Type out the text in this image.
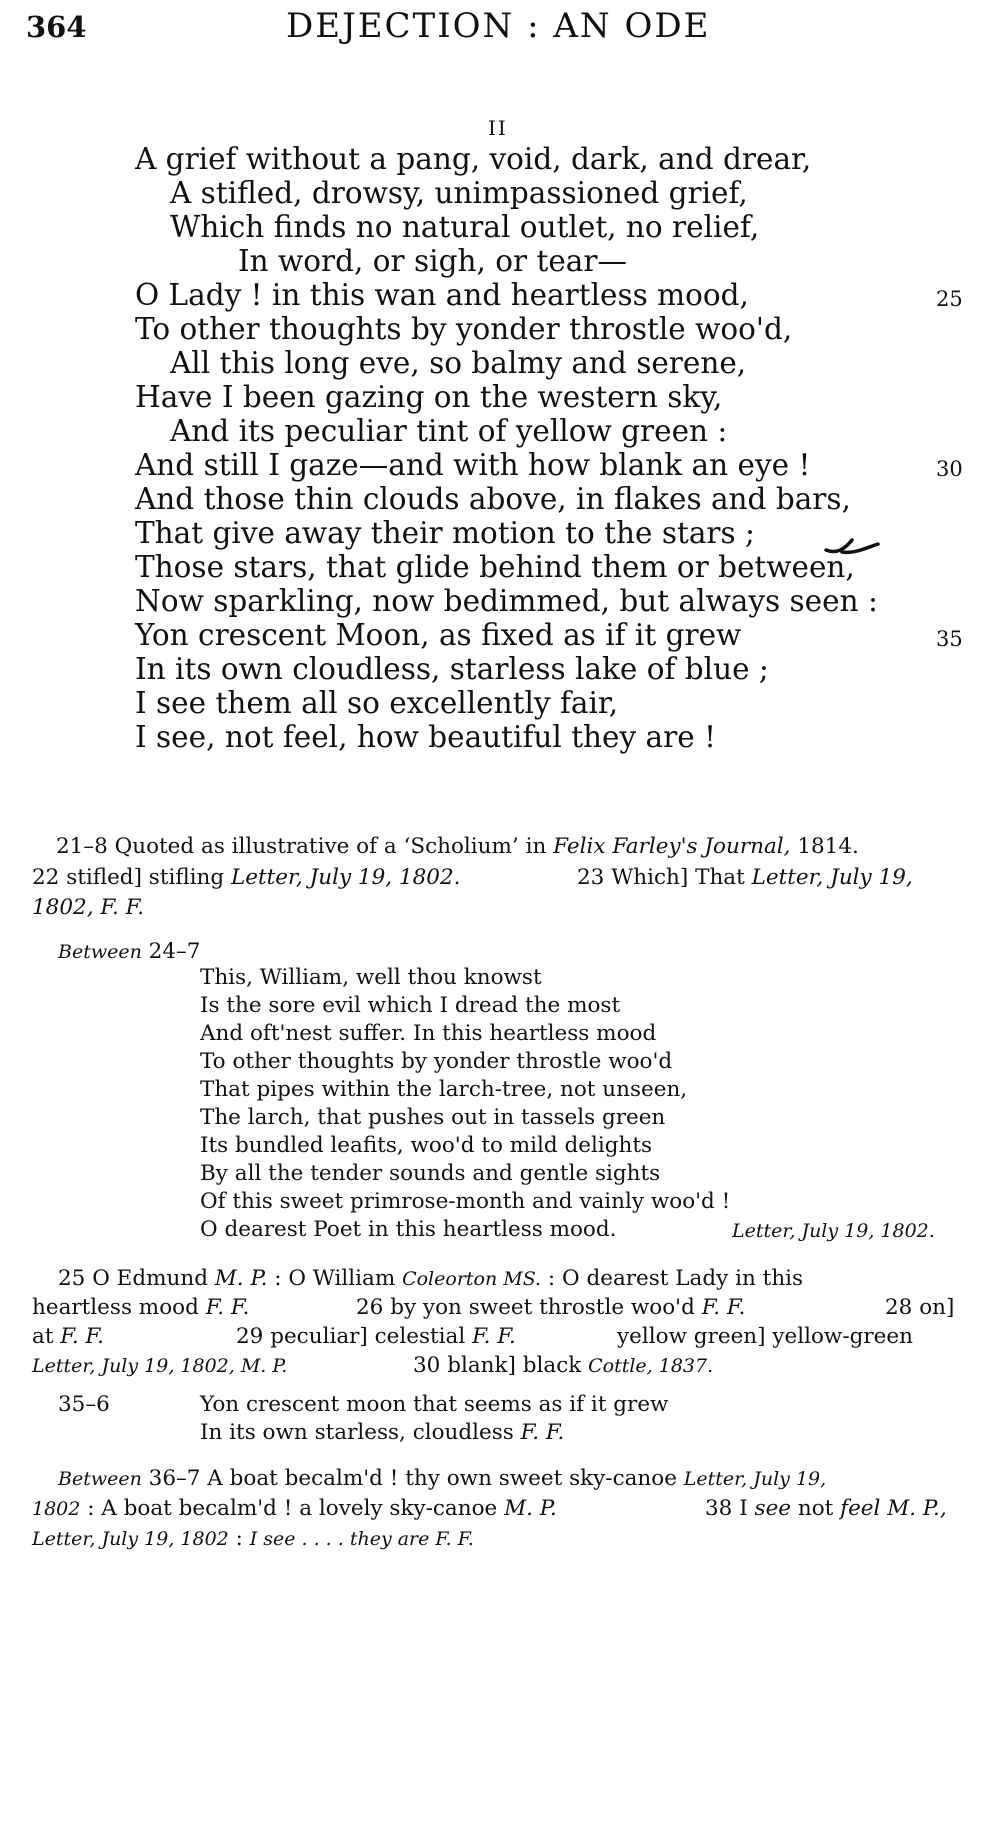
364	DEJECTION : AN ODE
II
A grief without a pang, void, dark, and drear,
A stifled, drowsy, unimpassioned grief,
Which finds no natural outlet, no relief,
In word, or sigh, or tear—
O Lady ! in this wan and heartless mood,
To other thoughts by yonder throstle woo'd,
All this long eve, so balmy and serene,
Have I been gazing on the western sky,
And its peculiar tint of yellow green :
And still I gaze—and with how blank an eye !
And those thin clouds above, in flakes and bars,
That give away their motion to the stars ;
Those stars, that glide behind them or between,
Now sparkling, now bedimmed, but always seen :
Yon crescent Moon, as fixed as if it grew
In its own cloudless, starless lake of blue ;
I see them all so excellently fair,
I see, not feel, how beautiful they are !
25
30
35
21–8 Quoted as illustrative of a ‘Scholium’ in Felix Farley's Journal, 1814.
22 stifled] stifling Letter, July 19, 1802.	23 Which] That Letter, July 19,
1802, F. F.
Between 24–7
This, William, well thou knowst
Is the sore evil which I dread the most
And oft'nest suffer. In this heartless mood
To other thoughts by yonder throstle woo'd
That pipes within the larch-tree, not unseen,
The larch, that pushes out in tassels green
Its bundled leafits, woo'd to mild delights
By all the tender sounds and gentle sights
Of this sweet primrose-month and vainly woo'd !
O dearest Poet in this heartless mood.	Letter, July 19, 1802.
25 O Edmund M. P. : O William Coleorton MS. : O dearest Lady in this
heartless mood F. F.	26 by yon sweet throstle woo'd F. F.	28 on]
at F. F.	29 peculiar] celestial F. F.	yellow green] yellow-green
Letter, July 19, 1802, M. P.	30 blank] black Cottle, 1837.
35–6	Yon crescent moon that seems as if it grew
In its own starless, cloudless F. F.
Between 36–7 A boat becalm'd ! thy own sweet sky-canoe Letter, July 19,
1802 : A boat becalm'd ! a lovely sky-canoe M. P.	38 I see not feel M. P.,
Letter, July 19, 1802 : I see . . . . they are F. F.
